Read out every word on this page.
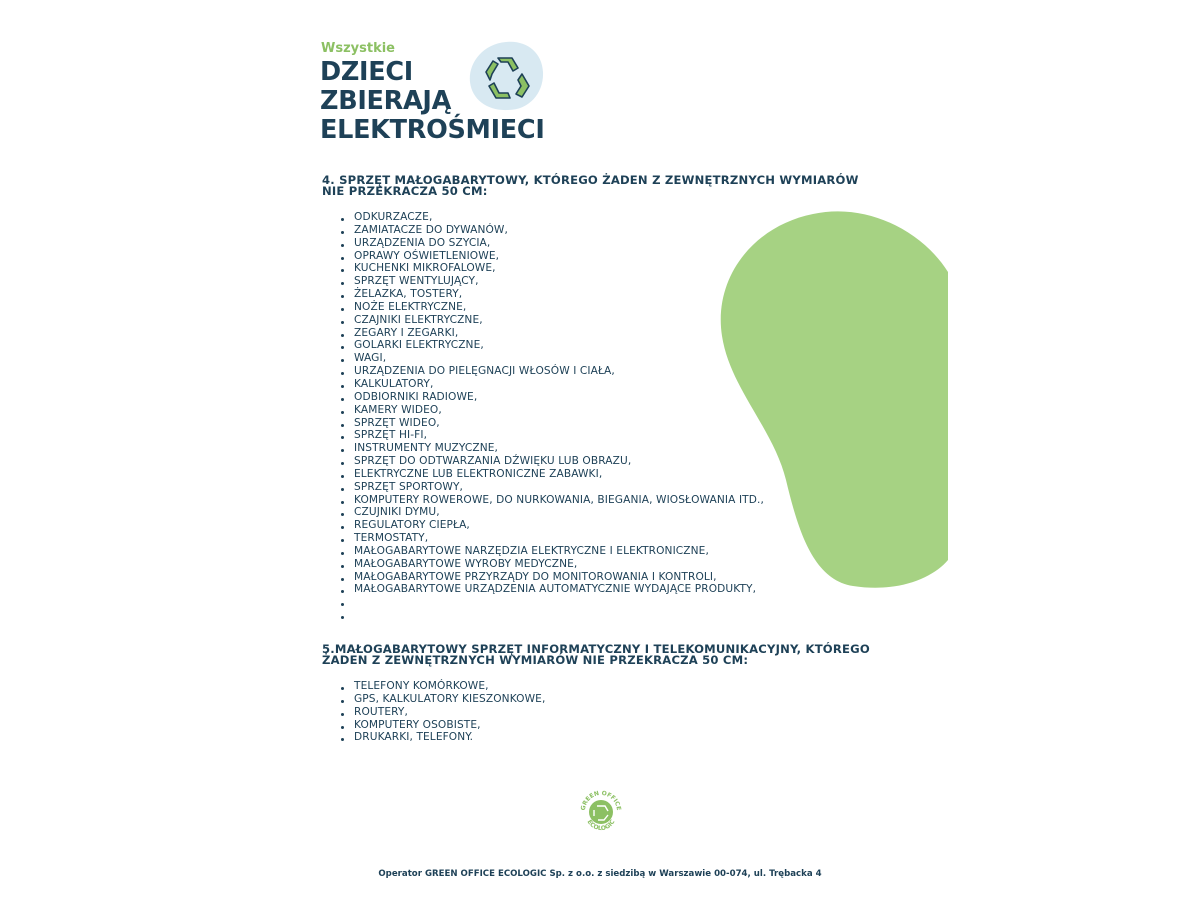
Wszystkie
DZIECI
ZBIERAJĄ
ELEKTROŚMIECI
4. SPRZĘT MAŁOGABARYTOWY, KTÓREGO ŻADEN Z ZEWNĘTRZNYCH WYMIARÓW
NIE PRZEKRACZA 50 CM:
ODKURZACZE,
ZAMIATACZE DO DYWANÓW,
URZĄDZENIA DO SZYCIA,
OPRAWY OŚWIETLENIOWE,
KUCHENKI MIKROFALOWE,
SPRZĘT WENTYLUJĄCY,
ŻELAZKA, TOSTERY,
NOŻE ELEKTRYCZNE,
CZAJNIKI ELEKTRYCZNE,
ZEGARY I ZEGARKI,
GOLARKI ELEKTRYCZNE,
WAGI,
URZĄDZENIA DO PIELĘGNACJI WŁOSÓW I CIAŁA,
KALKULATORY,
ODBIORNIKI RADIOWE,
KAMERY WIDEO,
SPRZĘT WIDEO,
SPRZĘT HI-FI,
INSTRUMENTY MUZYCZNE,
SPRZĘT DO ODTWARZANIA DŹWIĘKU LUB OBRAZU,
ELEKTRYCZNE LUB ELEKTRONICZNE ZABAWKI,
SPRZĘT SPORTOWY,
KOMPUTERY ROWEROWE, DO NURKOWANIA, BIEGANIA, WIOSŁOWANIA ITD.,
CZUJNIKI DYMU,
REGULATORY CIEPŁA,
TERMOSTATY,
MAŁOGABARYTOWE NARZĘDZIA ELEKTRYCZNE I ELEKTRONICZNE,
MAŁOGABARYTOWE WYROBY MEDYCZNE,
MAŁOGABARYTOWE PRZYRZĄDY DO MONITOROWANIA I KONTROLI,
MAŁOGABARYTOWE URZĄDZENIA AUTOMATYCZNIE WYDAJĄCE PRODUKTY,
5.MAŁOGABARYTOWY SPRZĘT INFORMATYCZNY I TELEKOMUNIKACYJNY, KTÓREGO
ŻADEN Z ZEWNĘTRZNYCH WYMIARÓW NIE PRZEKRACZA 50 CM:
TELEFONY KOMÓRKOWE,
GPS, KALKULATORY KIESZONKOWE,
ROUTERY,
KOMPUTERY OSOBISTE,
DRUKARKI, TELEFONY.
GREEN OFFICE
ECOLOGIC
Operator GREEN OFFICE ECOLOGIC Sp. z o.o. z siedzibą w Warszawie 00-074, ul. Trębacka 4
